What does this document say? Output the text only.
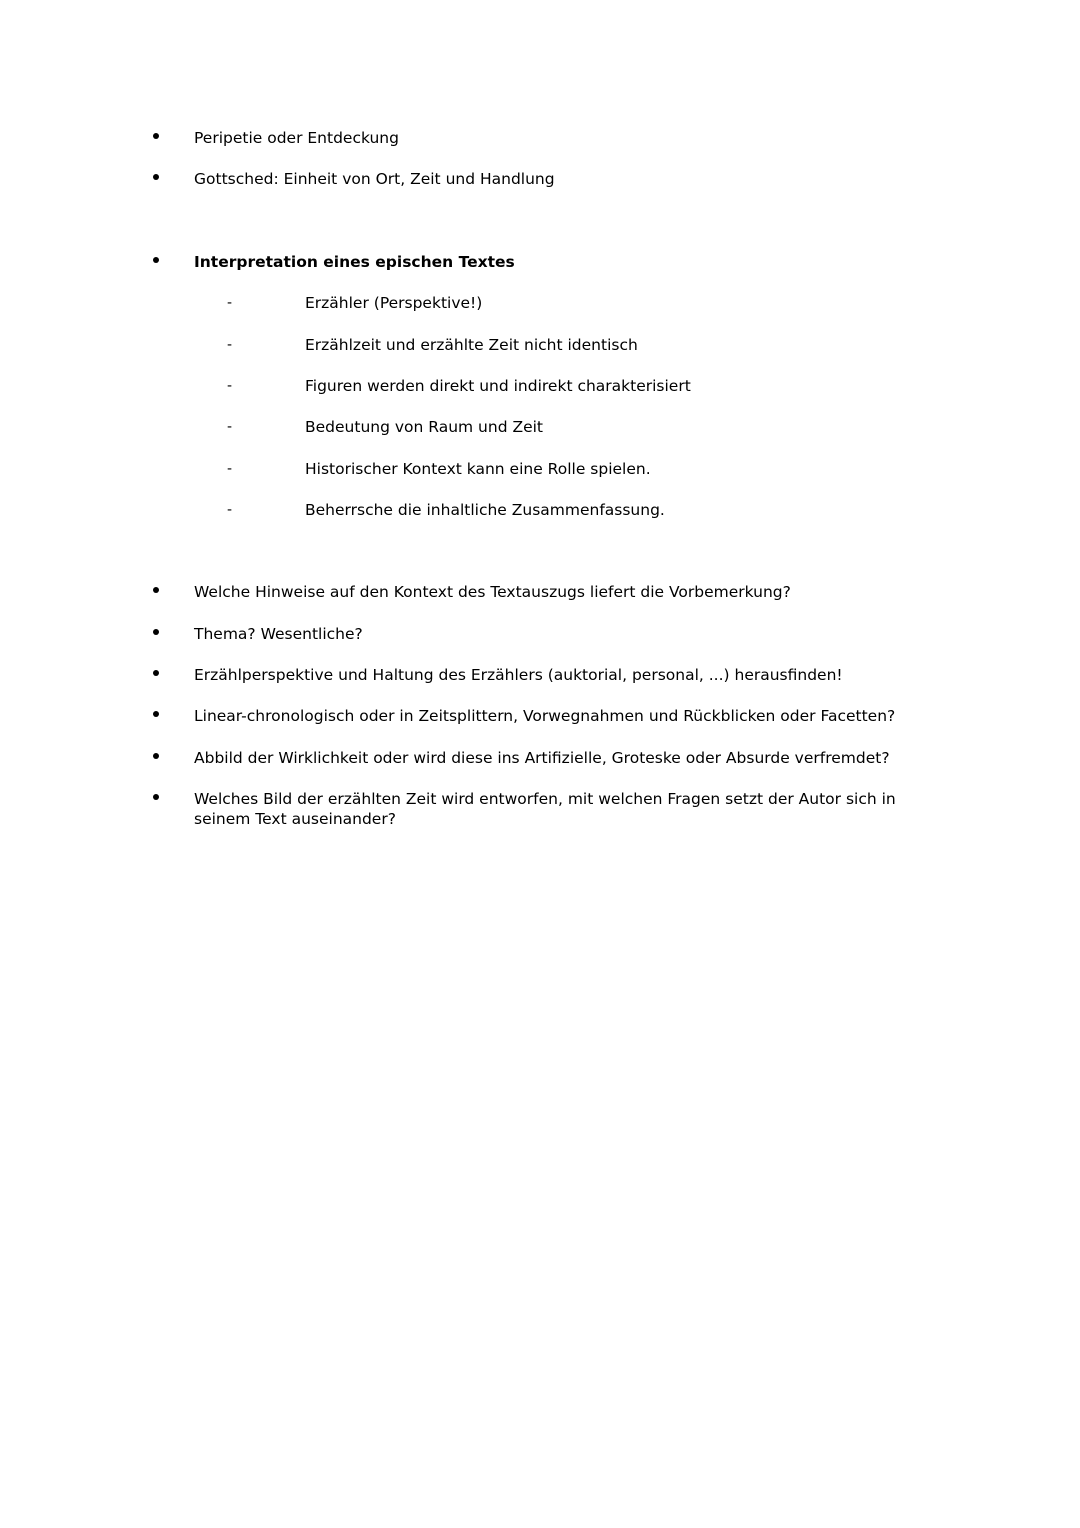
Peripetie oder Entdeckung
Gottsched: Einheit von Ort, Zeit und Handlung
Interpretation eines epischen Textes
-	Erzähler (Perspektive!)
-	Erzählzeit und erzählte Zeit nicht identisch
-	Figuren werden direkt und indirekt charakterisiert
-	Bedeutung von Raum und Zeit
-	Historischer Kontext kann eine Rolle spielen.
-	Beherrsche die inhaltliche Zusammenfassung.
Welche Hinweise auf den Kontext des Textauszugs liefert die Vorbemerkung?
Thema? Wesentliche?
Erzählperspektive und Haltung des Erzählers (auktorial, personal, ...) herausfinden!
Linear-chronologisch oder in Zeitsplittern, Vorwegnahmen und Rückblicken oder Facetten?
Abbild der Wirklichkeit oder wird diese ins Artifizielle, Groteske oder Absurde verfremdet?
Welches Bild der erzählten Zeit wird entworfen, mit welchen Fragen setzt der Autor sich in seinem Text auseinander?
